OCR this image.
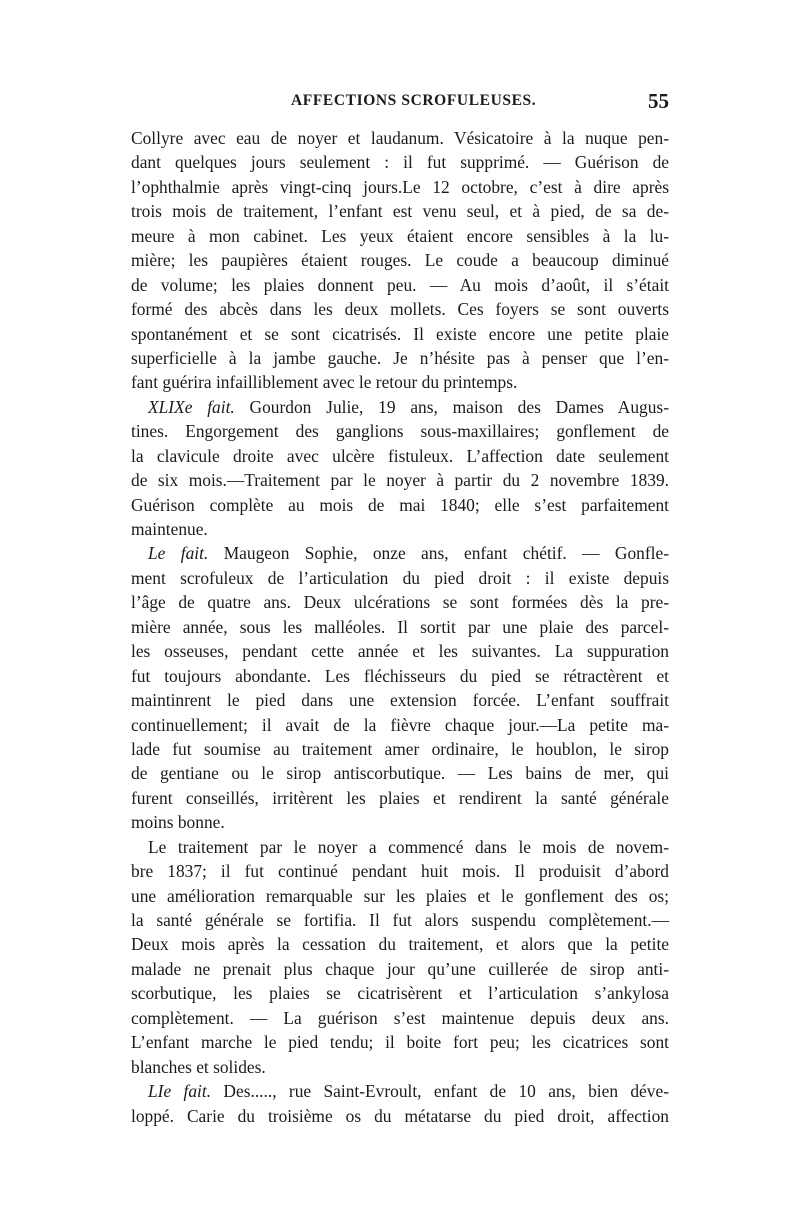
AFFECTIONS SCROFULEUSES.	55
Collyre avec eau de noyer et laudanum. Vésicatoire à la nuque pen-
dant quelques jours seulement : il fut supprimé. — Guérison de
l’ophthalmie après vingt-cinq jours.Le 12 octobre, c’est à dire après
trois mois de traitement, l’enfant est venu seul, et à pied, de sa de-
meure à mon cabinet. Les yeux étaient encore sensibles à la lu-
mière; les paupières étaient rouges. Le coude a beaucoup diminué
de volume; les plaies donnent peu. — Au mois d’août, il s’était
formé des abcès dans les deux mollets. Ces foyers se sont ouverts
spontanément et se sont cicatrisés. Il existe encore une petite plaie
superficielle à la jambe gauche. Je n’hésite pas à penser que l’en-
fant guérira infailliblement avec le retour du printemps.
XLIXe fait. Gourdon Julie, 19 ans, maison des Dames Augus-
tines. Engorgement des ganglions sous-maxillaires; gonflement de
la clavicule droite avec ulcère fistuleux. L’affection date seulement
de six mois.—Traitement par le noyer à partir du 2 novembre 1839.
Guérison complète au mois de mai 1840; elle s’est parfaitement
maintenue.
Le fait. Maugeon Sophie, onze ans, enfant chétif. — Gonfle-
ment scrofuleux de l’articulation du pied droit : il existe depuis
l’âge de quatre ans. Deux ulcérations se sont formées dès la pre-
mière année, sous les malléoles. Il sortit par une plaie des parcel-
les osseuses, pendant cette année et les suivantes. La suppuration
fut toujours abondante. Les fléchisseurs du pied se rétractèrent et
maintinrent le pied dans une extension forcée. L’enfant souffrait
continuellement; il avait de la fièvre chaque jour.—La petite ma-
lade fut soumise au traitement amer ordinaire, le houblon, le sirop
de gentiane ou le sirop antiscorbutique. — Les bains de mer, qui
furent conseillés, irritèrent les plaies et rendirent la santé générale
moins bonne.
Le traitement par le noyer a commencé dans le mois de novem-
bre 1837; il fut continué pendant huit mois. Il produisit d’abord
une amélioration remarquable sur les plaies et le gonflement des os;
la santé générale se fortifia. Il fut alors suspendu complètement.—
Deux mois après la cessation du traitement, et alors que la petite
malade ne prenait plus chaque jour qu’une cuillerée de sirop anti-
scorbutique, les plaies se cicatrisèrent et l’articulation s’ankylosa
complètement. — La guérison s’est maintenue depuis deux ans.
L’enfant marche le pied tendu; il boite fort peu; les cicatrices sont
blanches et solides.
LIe fait. Des....., rue Saint-Evroult, enfant de 10 ans, bien déve-
loppé. Carie du troisième os du métatarse du pied droit, affection
